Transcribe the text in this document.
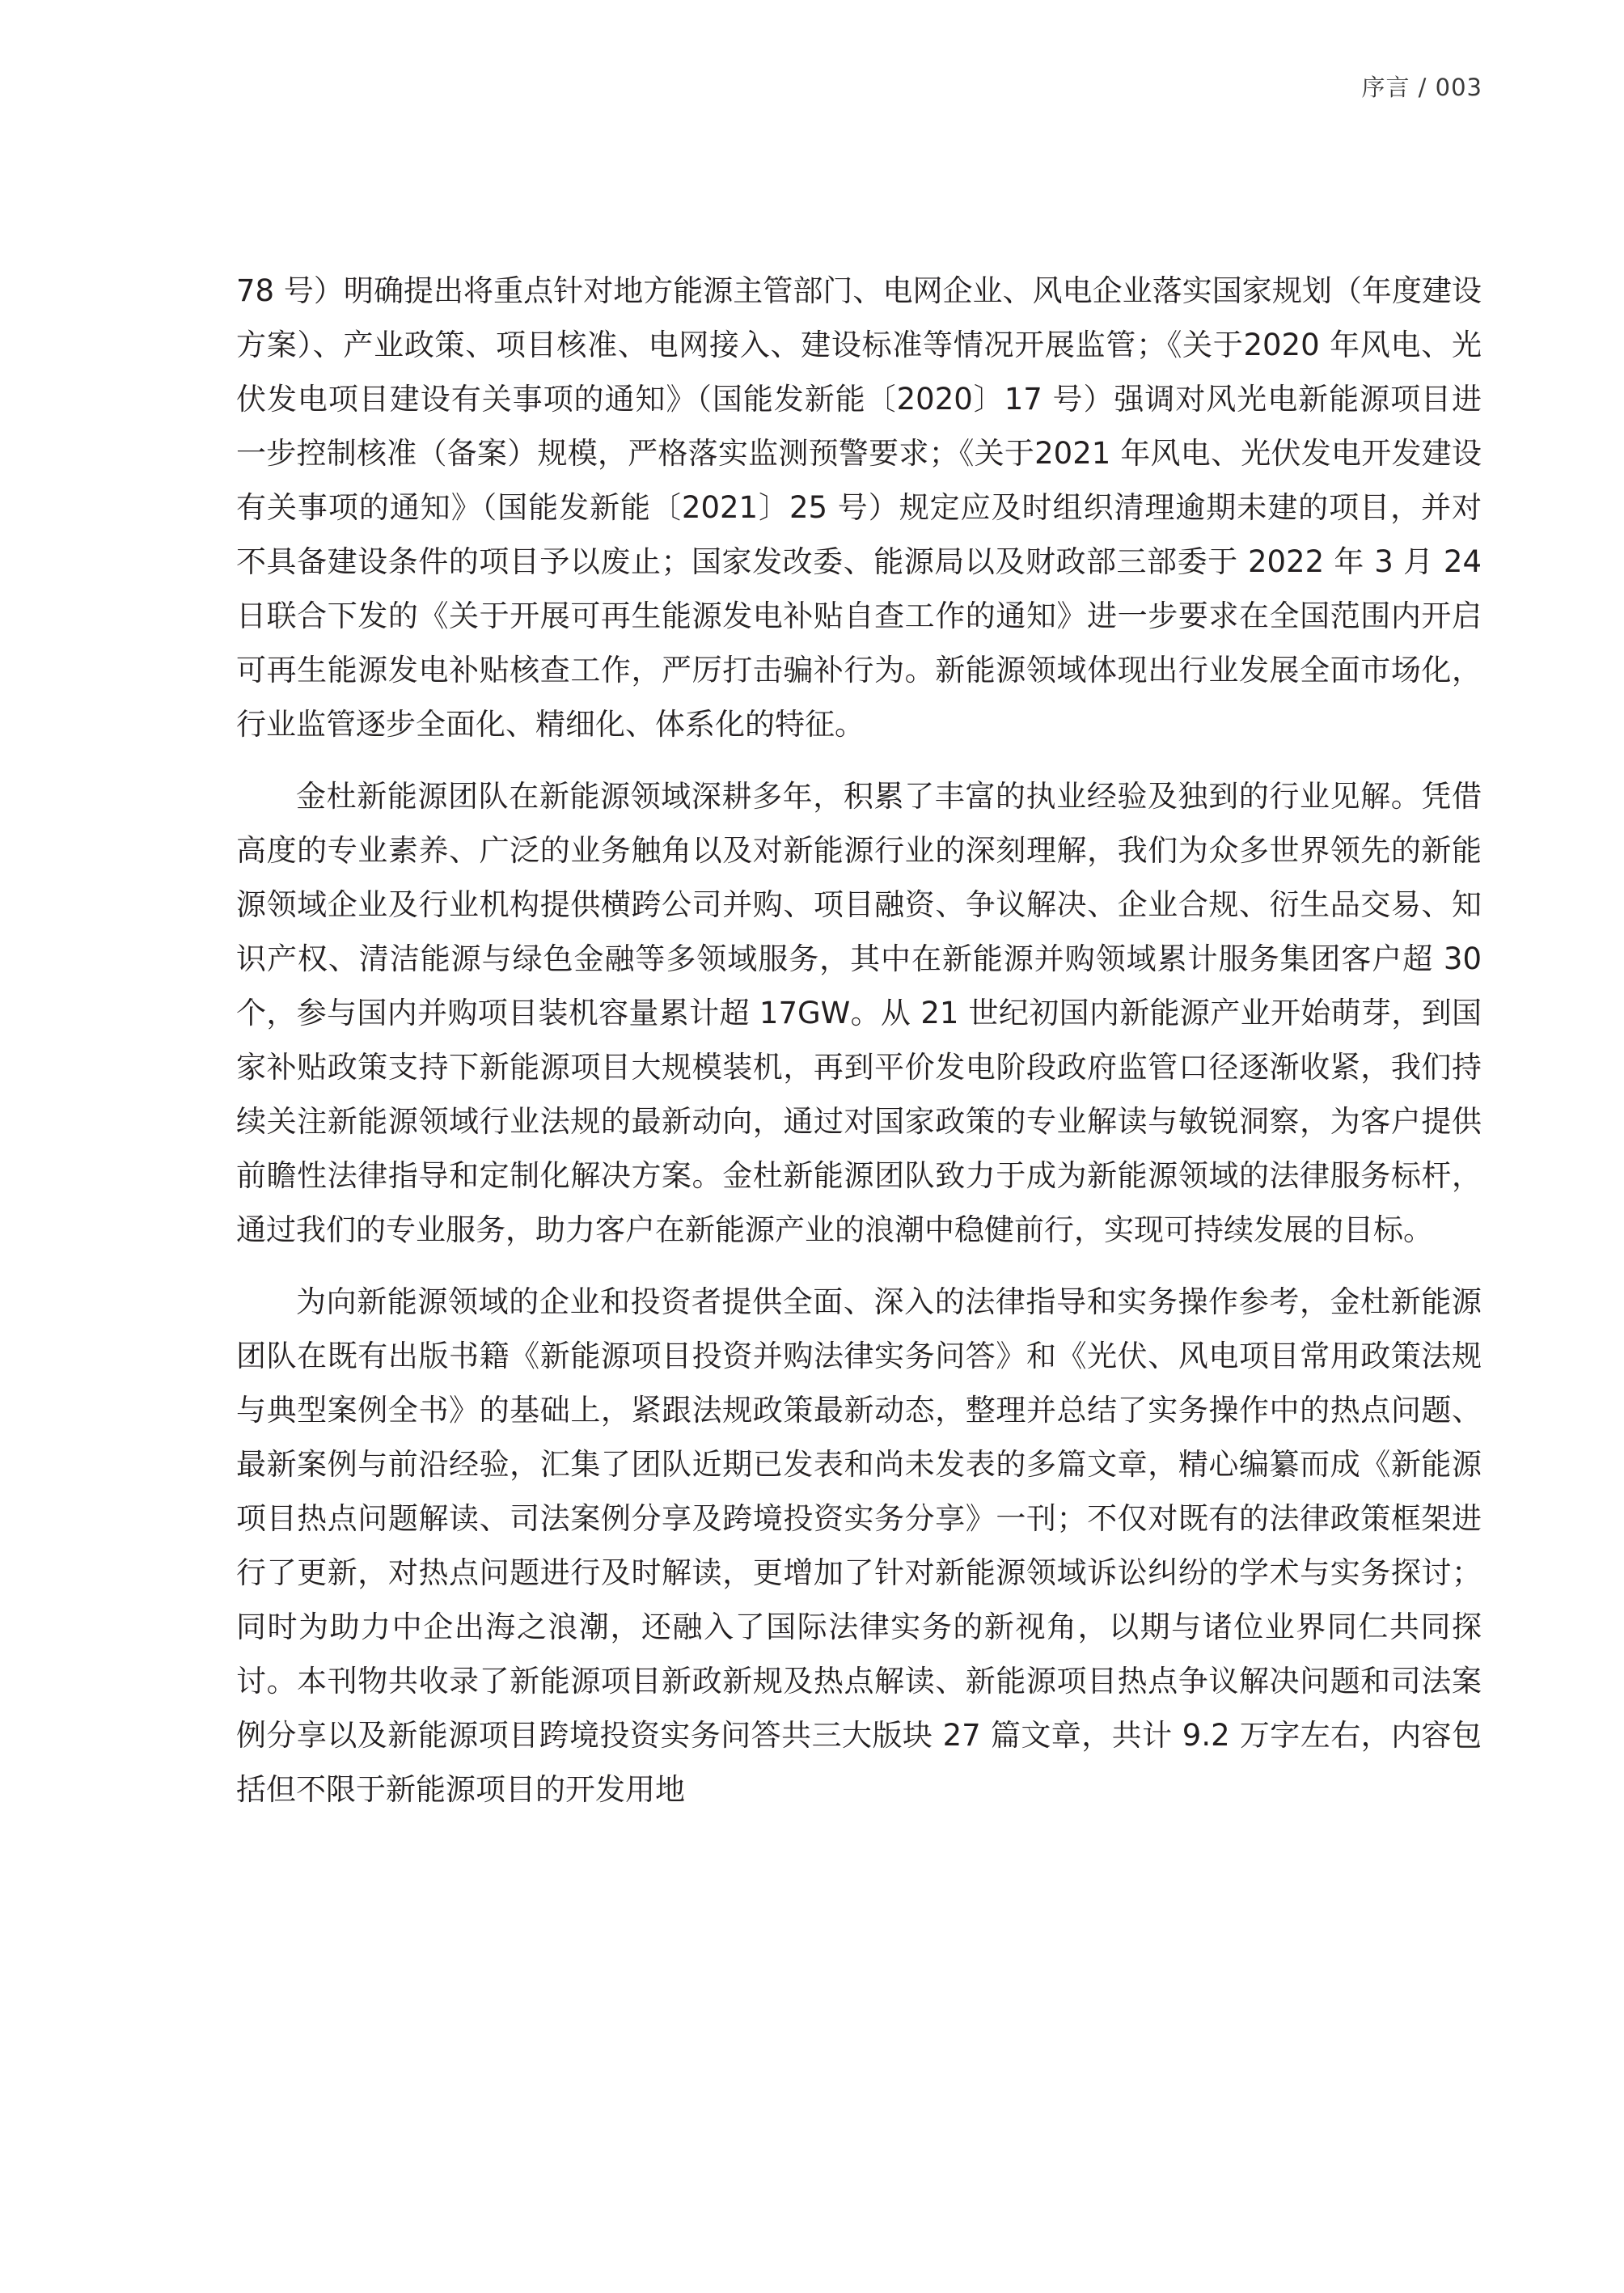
序言 / 003

78 号）明确提出将重点针对地方能源主管部门、电网企业、风电企业落实国家规划（年度建设方案）、产业政策、项目核准、电网接入、建设标准等情况开展监管；《关于2020 年风电、光伏发电项目建设有关事项的通知》（国能发新能〔2020〕17 号）强调对风光电新能源项目进一步控制核准（备案）规模，严格落实监测预警要求；《关于2021 年风电、光伏发电开发建设有关事项的通知》（国能发新能〔2021〕25 号）规定应及时组织清理逾期未建的项目，并对不具备建设条件的项目予以废止；国家发改委、能源局以及财政部三部委于 2022 年 3 月 24 日联合下发的《关于开展可再生能源发电补贴自查工作的通知》进一步要求在全国范围内开启可再生能源发电补贴核查工作，严厉打击骗补行为。新能源领域体现出行业发展全面市场化，行业监管逐步全面化、精细化、体系化的特征。

金杜新能源团队在新能源领域深耕多年，积累了丰富的执业经验及独到的行业见解。凭借高度的专业素养、广泛的业务触角以及对新能源行业的深刻理解，我们为众多世界领先的新能源领域企业及行业机构提供横跨公司并购、项目融资、争议解决、企业合规、衍生品交易、知识产权、清洁能源与绿色金融等多领域服务，其中在新能源并购领域累计服务集团客户超 30 个，参与国内并购项目装机容量累计超 17GW。从 21 世纪初国内新能源产业开始萌芽，到国家补贴政策支持下新能源项目大规模装机，再到平价发电阶段政府监管口径逐渐收紧，我们持续关注新能源领域行业法规的最新动向，通过对国家政策的专业解读与敏锐洞察，为客户提供前瞻性法律指导和定制化解决方案。金杜新能源团队致力于成为新能源领域的法律服务标杆，通过我们的专业服务，助力客户在新能源产业的浪潮中稳健前行，实现可持续发展的目标。

为向新能源领域的企业和投资者提供全面、深入的法律指导和实务操作参考，金杜新能源团队在既有出版书籍《新能源项目投资并购法律实务问答》和《光伏、风电项目常用政策法规与典型案例全书》的基础上，紧跟法规政策最新动态，整理并总结了实务操作中的热点问题、最新案例与前沿经验，汇集了团队近期已发表和尚未发表的多篇文章，精心编纂而成《新能源项目热点问题解读、司法案例分享及跨境投资实务分享》一刊；不仅对既有的法律政策框架进行了更新，对热点问题进行及时解读，更增加了针对新能源领域诉讼纠纷的学术与实务探讨；同时为助力中企出海之浪潮，还融入了国际法律实务的新视角，以期与诸位业界同仁共同探讨。本刊物共收录了新能源项目新政新规及热点解读、新能源项目热点争议解决问题和司法案例分享以及新能源项目跨境投资实务问答共三大版块 27 篇文章，共计 9.2 万字左右，内容包括但不限于新能源项目的开发用地
